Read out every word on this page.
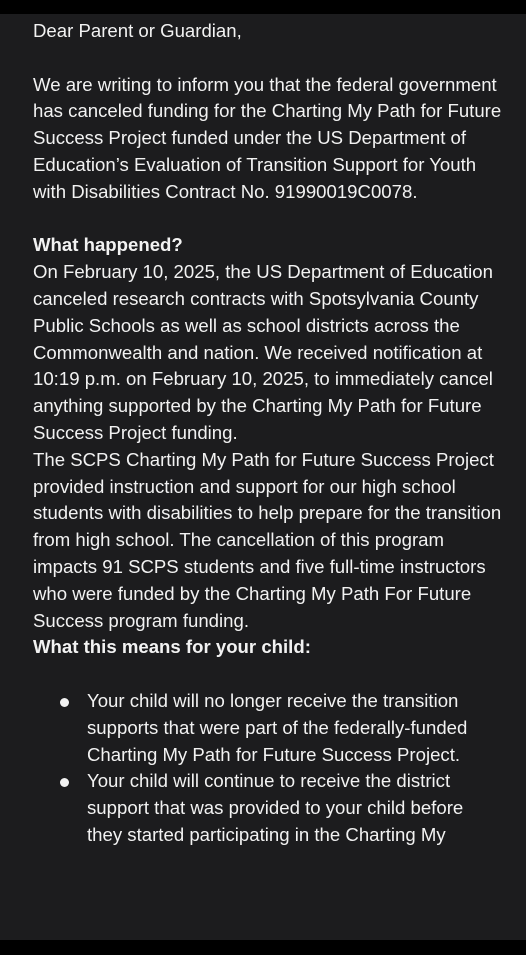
Dear Parent or Guardian,

We are writing to inform you that the federal government has canceled funding for the Charting My Path for Future Success Project funded under the US Department of Education’s Evaluation of Transition Support for Youth with Disabilities Contract No. 91990019C0078.

What happened?

On February 10, 2025, the US Department of Education canceled research contracts with Spotsylvania County Public Schools as well as school districts across the Commonwealth and nation. We received notification at 10:19 p.m. on February 10, 2025, to immediately cancel anything supported by the Charting My Path for Future Success Project funding.

The SCPS Charting My Path for Future Success Project provided instruction and support for our high school students with disabilities to help prepare for the transition from high school. The cancellation of this program impacts 91 SCPS students and five full-time instructors who were funded by the Charting My Path For Future Success program funding.

What this means for your child:

Your child will no longer receive the transition supports that were part of the federally-funded Charting My Path for Future Success Project.
Your child will continue to receive the district support that was provided to your child before they started participating in the Charting My
